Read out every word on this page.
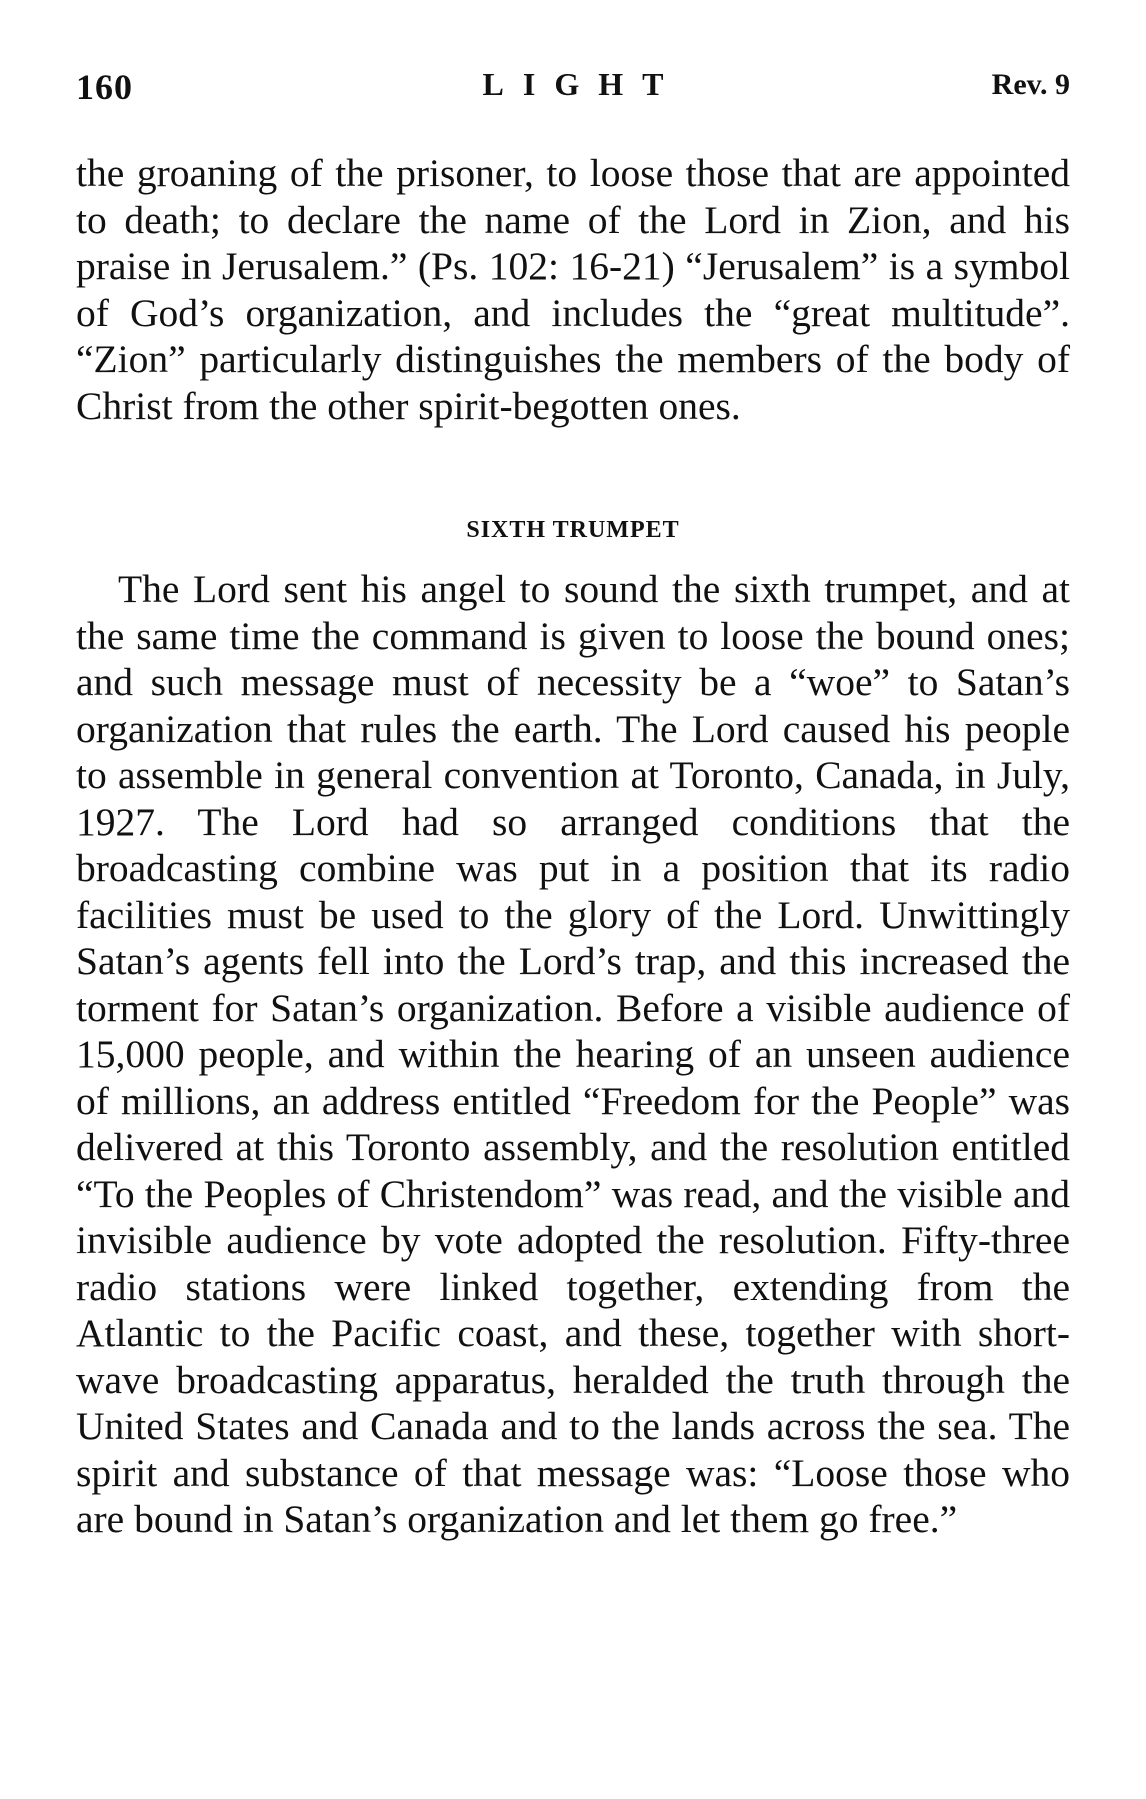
160	LIGHT	Rev. 9

the groaning of the prisoner, to loose those that are appointed to death; to declare the name of the Lord in Zion, and his praise in Jerusalem.” (Ps. 102: 16-21) “Jerusalem” is a symbol of God’s organization, and includes the “great multitude”. “Zion” particularly distinguishes the members of the body of Christ from the other spirit-begotten ones.

SIXTH TRUMPET

The Lord sent his angel to sound the sixth trumpet, and at the same time the command is given to loose the bound ones; and such message must of necessity be a “woe” to Satan’s organization that rules the earth. The Lord caused his people to assemble in general convention at Toronto, Canada, in July, 1927. The Lord had so arranged conditions that the broadcasting combine was put in a position that its radio facilities must be used to the glory of the Lord. Unwittingly Satan’s agents fell into the Lord’s trap, and this increased the torment for Satan’s organization. Before a visible audience of 15,000 people, and within the hearing of an unseen audience of millions, an address entitled “Freedom for the People” was delivered at this Toronto assembly, and the resolution entitled “To the Peoples of Christendom” was read, and the visible and invisible audience by vote adopted the resolution. Fifty-three radio stations were linked together, extending from the Atlantic to the Pacific coast, and these, together with short-wave broadcasting apparatus, heralded the truth through the United States and Canada and to the lands across the sea. The spirit and substance of that message was: “Loose those who are bound in Satan’s organization and let them go free.”
